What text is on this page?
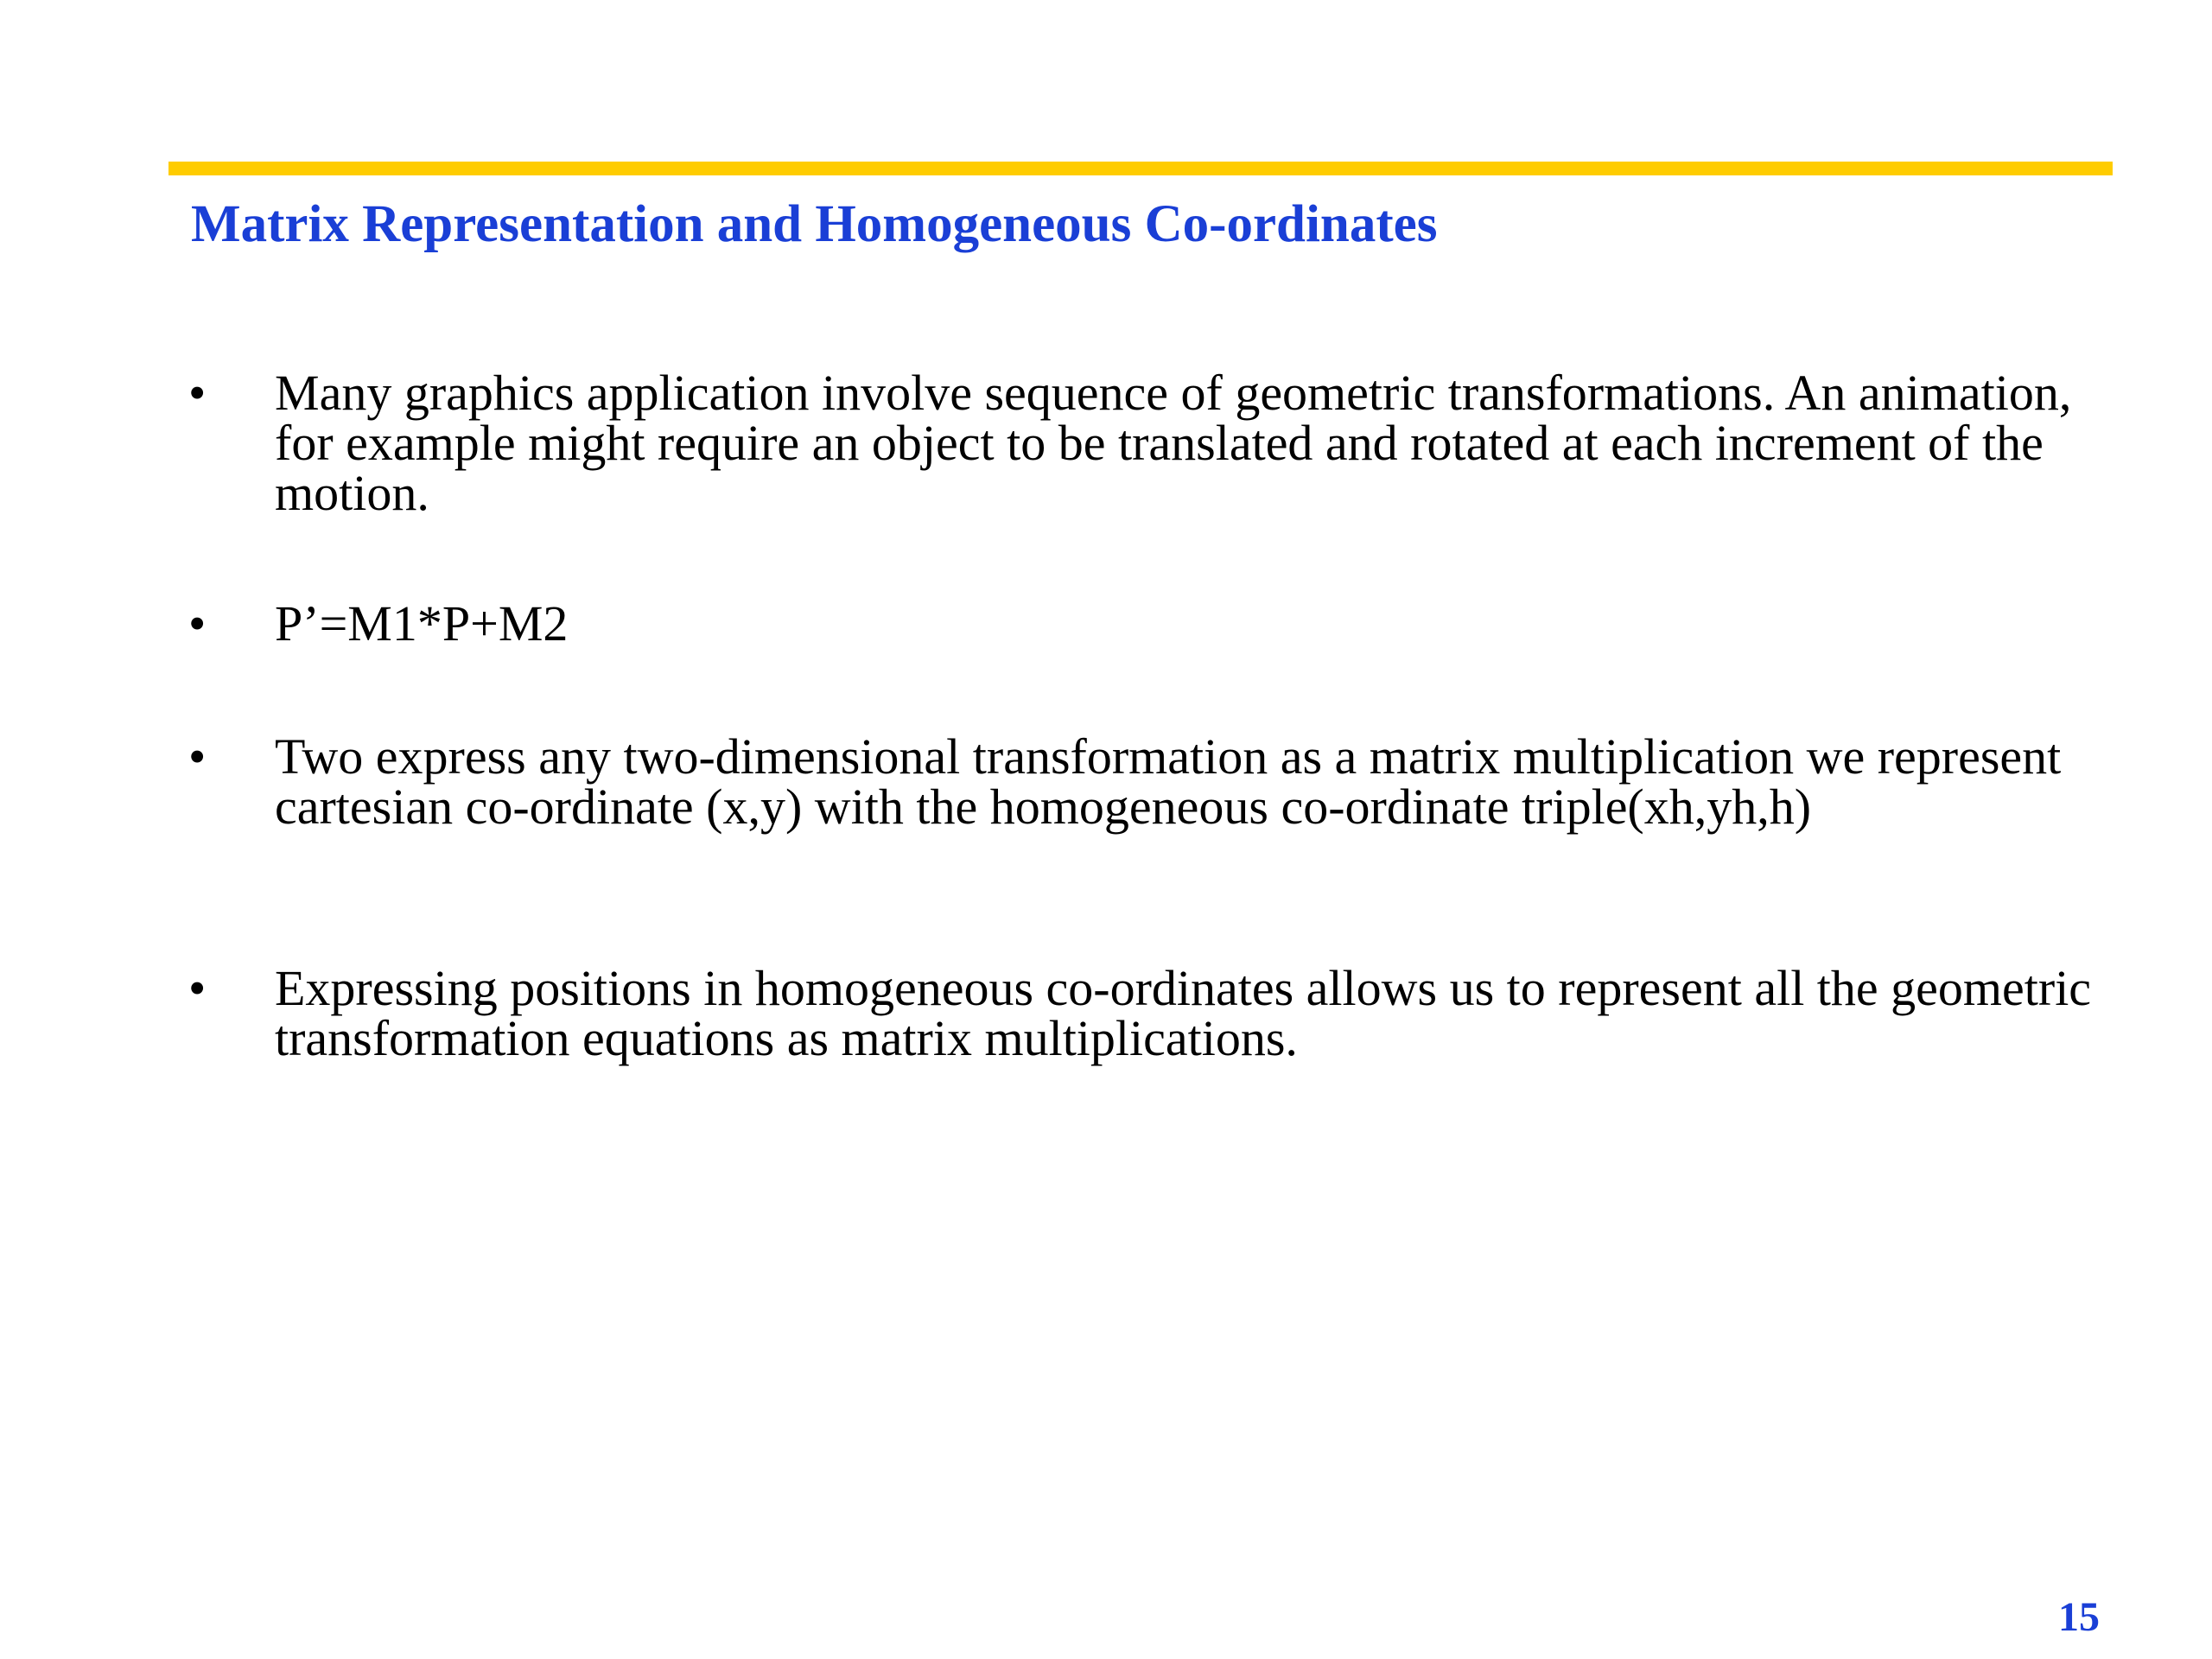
Matrix Representation and Homogeneous Co-ordinates
• Many graphics application involve sequence of geometric transformations. An animation, for example might require an object to be translated and rotated at each increment of the motion.
• P’=M1*P+M2
• Two express any two-dimensional transformation as a matrix multiplication we represent cartesian co-ordinate (x,y) with the homogeneous co-ordinate triple(xh,yh,h)
• Expressing positions in homogeneous co-ordinates allows us to represent all the geometric transformation equations as matrix multiplications.
15
